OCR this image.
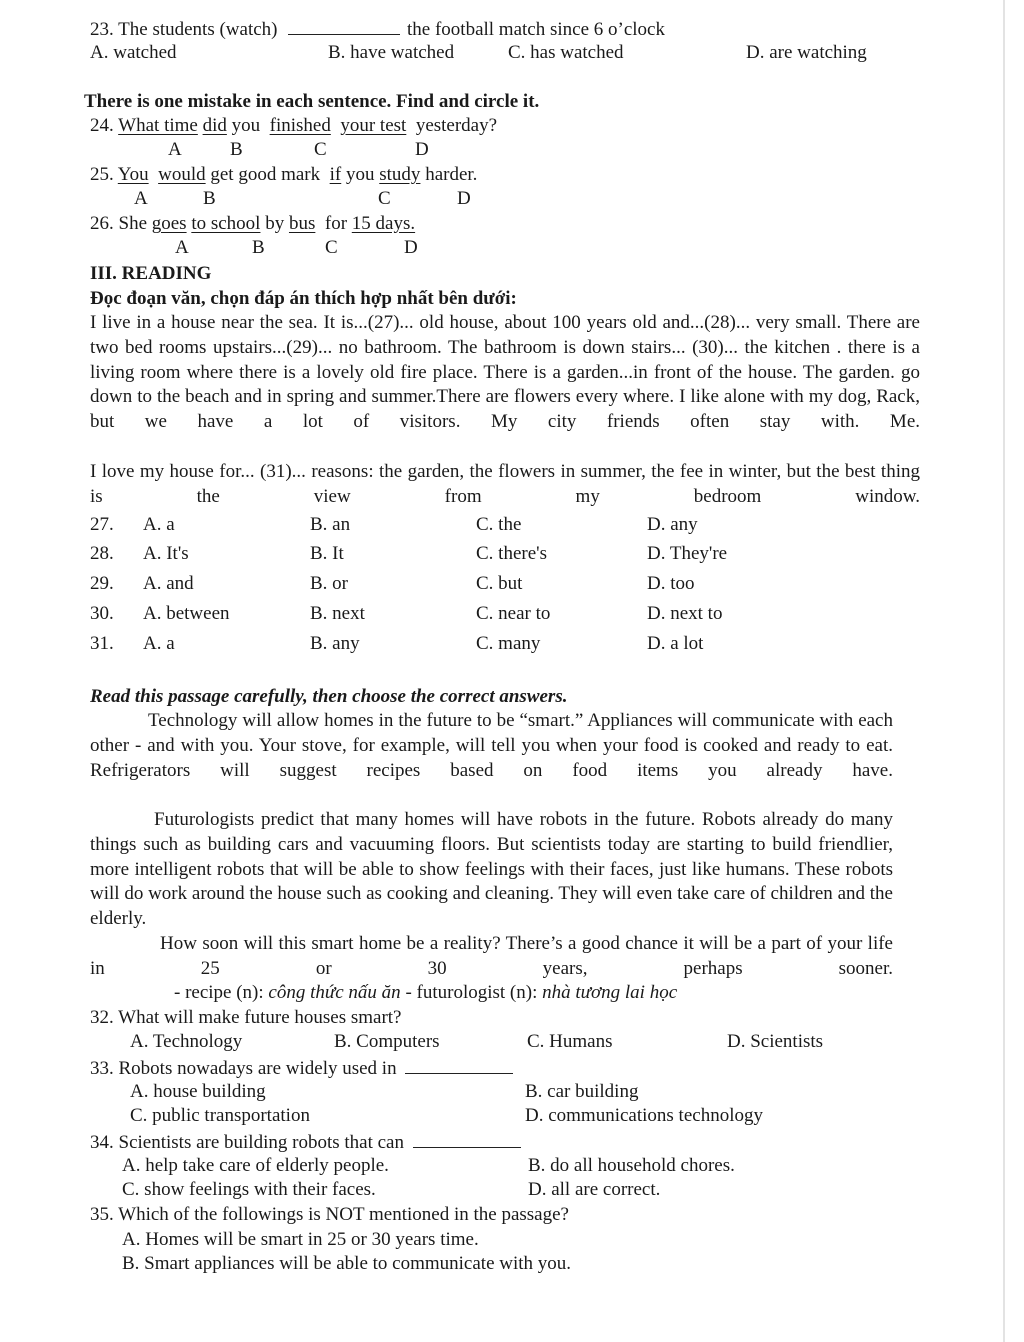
23. The students (watch)	the football match since 6 o’clock
A. watched	B. have watched	C. has watched	D. are watching
There is one mistake in each sentence. Find and circle it.
24. What time did you finished your test yesterday?
A	B	C	D
25. You would get good mark if you study harder.
A	B	C	D
26. She goes to school by bus for 15 days.
A	B	C	D
III. READING
Đọc đoạn văn, chọn đáp án thích hợp nhất bên dưới:
I live in a house near the sea. It is...(27)... old house, about 100 years old and...(28)... very small. There are two bed rooms upstairs...(29)... no bathroom. The bathroom is down stairs... (30)... the kitchen . there is a living room where there is a lovely old fire place. There is a garden...in front of the house. The garden. go down to the beach and in spring and summer.There are flowers every where. I like alone with my dog, Rack, but we have a lot of visitors. My city friends often stay with. Me.
I love my house for... (31)... reasons: the garden, the flowers in summer, the fee in winter, but the best thing is the view from my bedroom window.
27. A. a	B. an	C. the	D. any
28. A. It's	B. It	C. there's	D. They're
29. A. and	B. or	C. but	D. too
30. A. between	B. next	C. near to	D. next to
31. A. a	B. any	C. many	D. a lot
Read this passage carefully, then choose the correct answers.
Technology will allow homes in the future to be “smart.” Appliances will communicate with each other - and with you. Your stove, for example, will tell you when your food is cooked and ready to eat. Refrigerators will suggest recipes based on food items you already have.
Futurologists predict that many homes will have robots in the future. Robots already do many things such as building cars and vacuuming floors. But scientists today are starting to build friendlier, more intelligent robots that will be able to show feelings with their faces, just like humans. These robots will do work around the house such as cooking and cleaning. They will even take care of children and the elderly.
How soon will this smart home be a reality? There’s a good chance it will be a part of your life in 25 or 30 years, perhaps sooner.
- recipe (n): công thức nấu ăn - futurologist (n): nhà tương lai học
32. What will make future houses smart?
A. Technology	B. Computers	C. Humans	D. Scientists
33. Robots nowadays are widely used in
A. house building	B. car building
C. public transportation	D. communications technology
34. Scientists are building robots that can
A. help take care of elderly people.	B. do all household chores.
C. show feelings with their faces.	D. all are correct.
35. Which of the followings is NOT mentioned in the passage?
A. Homes will be smart in 25 or 30 years time.
B. Smart appliances will be able to communicate with you.
